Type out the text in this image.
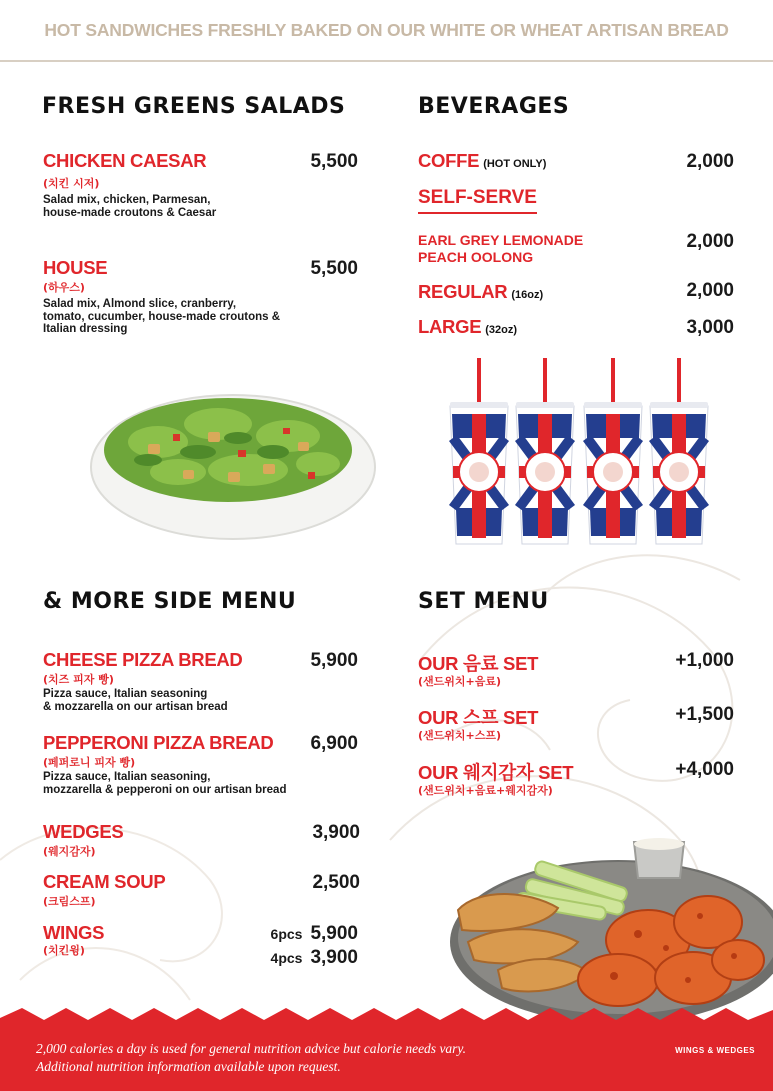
HOT SANDWICHES FRESHLY BAKED ON OUR WHITE OR WHEAT ARTISAN BREAD
FRESH GREENS SALADS
CHICKEN CAESAR
(치킨 시저)
Salad mix, chicken, Parmesan,
house-made croutons & Caesar
5,500
HOUSE
(하우스)
Salad mix, Almond slice, cranberry,
tomato, cucumber, house-made croutons &
Italian dressing
5,500
BEVERAGES
COFFE (HOT ONLY)	2,000
SELF-SERVE
EARL GREY LEMONADE
PEACH OOLONG
2,000
REGULAR (16oz)	2,000
LARGE (32oz)	3,000
& MORE SIDE MENU
CHEESE PIZZA BREAD
(치즈 피자 빵)
Pizza sauce, Italian seasoning
& mozzarella on our artisan bread
5,900
PEPPERONI PIZZA BREAD
(페퍼로니 피자 빵)
Pizza sauce, Italian seasoning,
mozzarella & pepperoni on our artisan bread
6,900
WEDGES
(웨지감자)
3,900
CREAM SOUP
(크림스프)
2,500
WINGS
(치킨윙)
6pcs 5,900
4pcs 3,900
SET MENU
OUR 음료 SET
(샌드위치+음료)
+1,000
OUR 스프 SET
(샌드위치+스프)
+1,500
OUR 웨지감자 SET
(샌드위치+음료+웨지감자)
+4,000
2,000 calories a day is used for general nutrition advice but calorie needs vary.
Additional nutrition information available upon request.
WINGS & WEDGES
